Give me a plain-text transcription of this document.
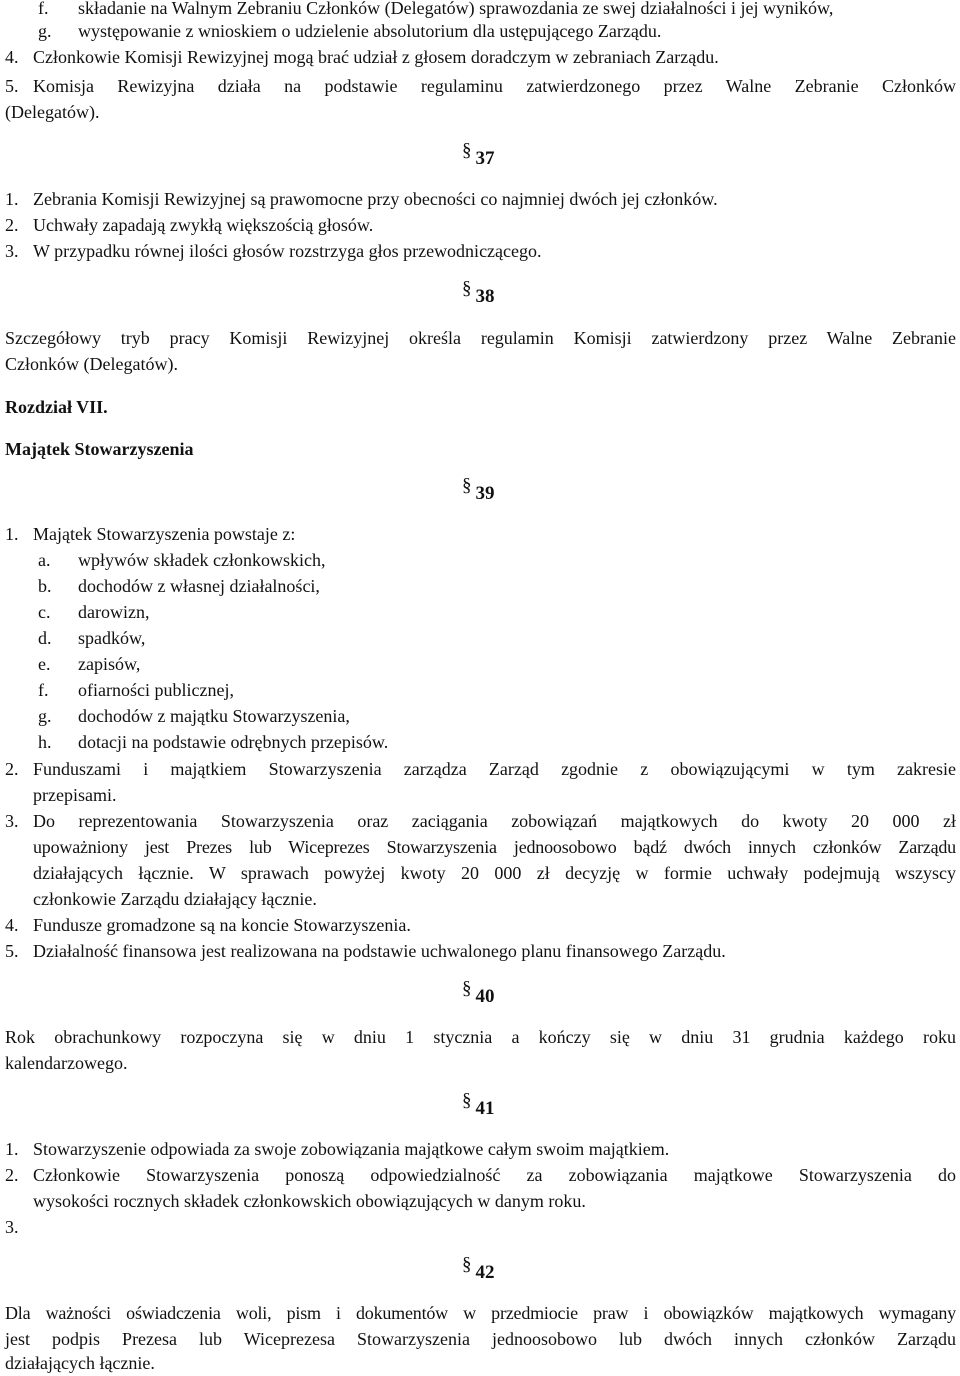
f. składanie na Walnym Zebraniu Członków (Delegatów) sprawozdania ze swej działalności i jej wyników,
g. występowanie z wnioskiem o udzielenie absolutorium dla ustępującego Zarządu.
4. Członkowie Komisji Rewizyjnej mogą brać udział z głosem doradczym w zebraniach Zarządu.
5. Komisja Rewizyjna działa na podstawie regulaminu zatwierdzonego przez Walne Zebranie Członków
(Delegatów).
§ 37
1. Zebrania Komisji Rewizyjnej są prawomocne przy obecności co najmniej dwóch jej członków.
2. Uchwały zapadają zwykłą większością głosów.
3. W przypadku równej ilości głosów rozstrzyga głos przewodniczącego.
§ 38
Szczegółowy tryb pracy Komisji Rewizyjnej określa regulamin Komisji zatwierdzony przez Walne Zebranie
Członków (Delegatów).
Rozdział VII.
Majątek Stowarzyszenia
§ 39
1. Majątek Stowarzyszenia powstaje z:
a. wpływów składek członkowskich,
b. dochodów z własnej działalności,
c. darowizn,
d. spadków,
e. zapisów,
f. ofiarności publicznej,
g. dochodów z majątku Stowarzyszenia,
h. dotacji na podstawie odrębnych przepisów.
2. Funduszami i majątkiem Stowarzyszenia zarządza Zarząd zgodnie z obowiązującymi w tym zakresie
przepisami.
3. Do reprezentowania Stowarzyszenia oraz zaciągania zobowiązań majątkowych do kwoty 20 000 zł
upoważniony jest Prezes lub Wiceprezes Stowarzyszenia jednoosobowo bądź dwóch innych członków Zarządu
działających łącznie. W sprawach powyżej kwoty 20 000 zł decyzję w formie uchwały podejmują wszyscy
członkowie Zarządu działający łącznie.
4. Fundusze gromadzone są na koncie Stowarzyszenia.
5. Działalność finansowa jest realizowana na podstawie uchwalonego planu finansowego Zarządu.
§ 40
Rok obrachunkowy rozpoczyna się w dniu 1 stycznia a kończy się w dniu 31 grudnia każdego roku
kalendarzowego.
§ 41
1. Stowarzyszenie odpowiada za swoje zobowiązania majątkowe całym swoim majątkiem.
2. Członkowie Stowarzyszenia ponoszą odpowiedzialność za zobowiązania majątkowe Stowarzyszenia do
wysokości rocznych składek członkowskich obowiązujących w danym roku.
3.
§ 42
Dla ważności oświadczenia woli, pism i dokumentów w przedmiocie praw i obowiązków majątkowych wymagany
jest podpis Prezesa lub Wiceprezesa Stowarzyszenia jednoosobowo lub dwóch innych członków Zarządu
działających łącznie.
